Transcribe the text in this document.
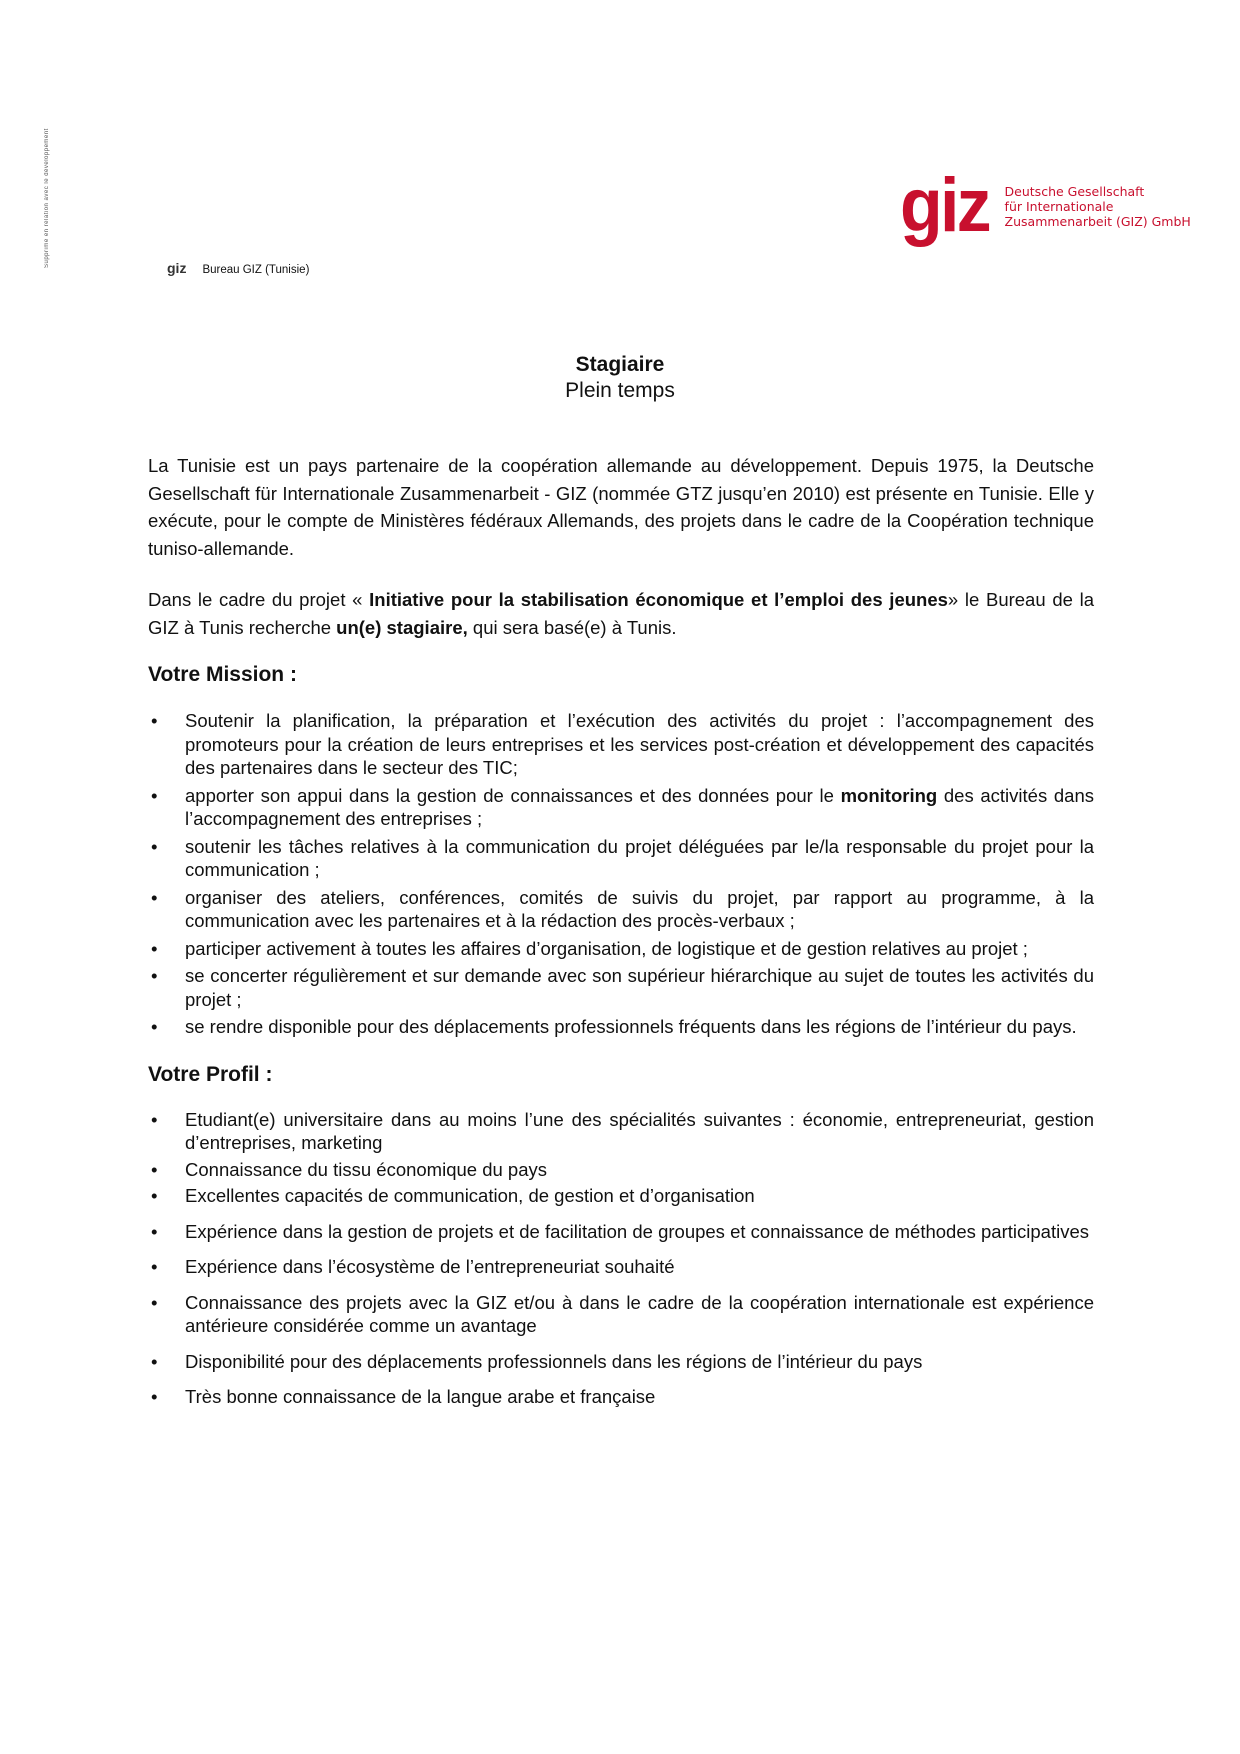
Supprime en relation avec le développement	giz Deutsche Gesellschaft
für Internationale
Zusammenarbeit (GIZ) GmbH
giz Bureau GIZ (Tunisie)
Stagiaire
Plein temps

La Tunisie est un pays partenaire de la coopération allemande au développement. Depuis 1975, la Deutsche Gesellschaft für Internationale Zusammenarbeit - GIZ (nommée GTZ jusqu’en 2010) est présente en Tunisie. Elle y exécute, pour le compte de Ministères fédéraux Allemands, des projets dans le cadre de la Coopération technique tuniso-allemande.

Dans le cadre du projet « Initiative pour la stabilisation économique et l’emploi des jeunes» le Bureau de la GIZ à Tunis recherche un(e) stagiaire, qui sera basé(e) à Tunis.

Votre Mission :
• Soutenir la planification, la préparation et l’exécution des activités du projet : l’accompagnement des promoteurs pour la création de leurs entreprises et les services post-création et développement des capacités des partenaires dans le secteur des TIC;
• apporter son appui dans la gestion de connaissances et des données pour le monitoring des activités dans l’accompagnement des entreprises ;
• soutenir les tâches relatives à la communication du projet déléguées par le/la responsable du projet pour la communication ;
• organiser des ateliers, conférences, comités de suivis du projet, par rapport au programme, à la communication avec les partenaires et à la rédaction des procès-verbaux ;
• participer activement à toutes les affaires d’organisation, de logistique et de gestion relatives au projet ;
• se concerter régulièrement et sur demande avec son supérieur hiérarchique au sujet de toutes les activités du projet ;
• se rendre disponible pour des déplacements professionnels fréquents dans les régions de l’intérieur du pays.
Votre Profil :
• Etudiant(e) universitaire dans au moins l’une des spécialités suivantes : économie, entrepreneuriat, gestion d’entreprises, marketing
• Connaissance du tissu économique du pays
• Excellentes capacités de communication, de gestion et d’organisation
• Expérience dans la gestion de projets et de facilitation de groupes et connaissance de méthodes participatives
• Expérience dans l’écosystème de l’entrepreneuriat souhaité
• Connaissance des projets avec la GIZ et/ou à dans le cadre de la coopération internationale est expérience antérieure considérée comme un avantage
• Disponibilité pour des déplacements professionnels dans les régions de l’intérieur du pays
• Très bonne connaissance de la langue arabe et française
